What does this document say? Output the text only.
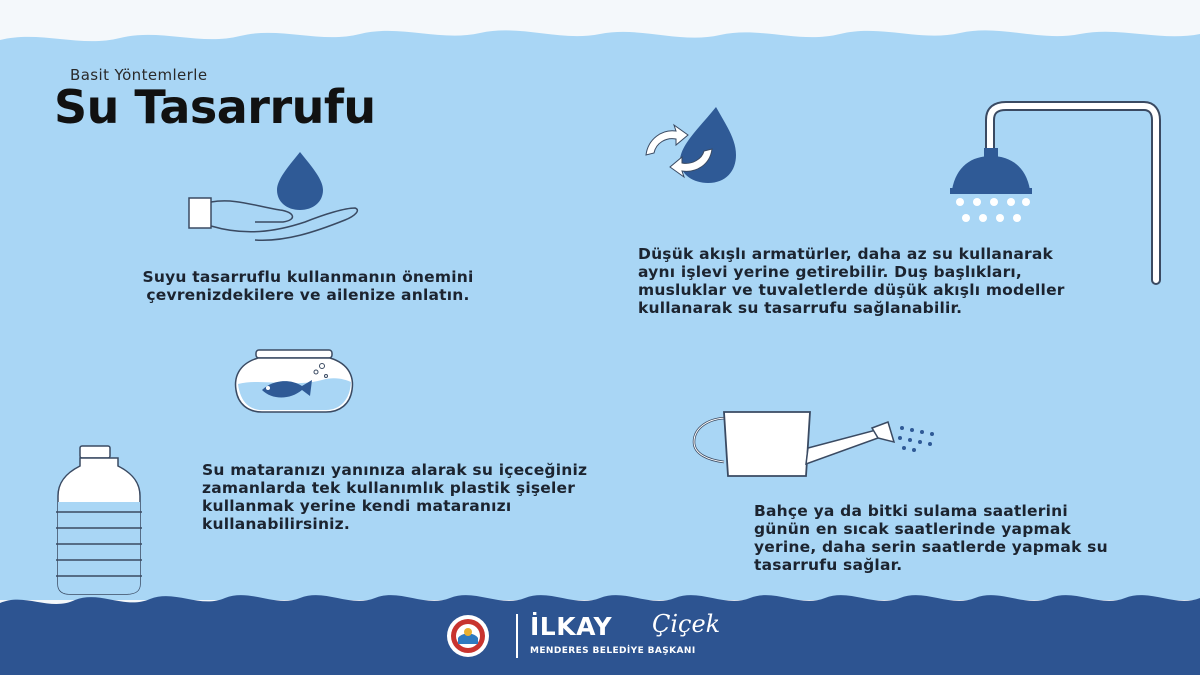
Basit Yöntemlerle
Su Tasarrufu
Suyu tasarruflu kullanmanın önemini çevrenizdekilere ve ailenize anlatın.
Düşük akışlı armatürler, daha az su kullanarak aynı işlevi yerine getirebilir. Duş başlıkları, musluklar ve tuvaletlerde düşük akışlı modeller kullanarak su tasarrufu sağlanabilir.
Su mataranızı yanınıza alarak su içeceğiniz zamanlarda tek kullanımlık plastik şişeler kullanmak yerine kendi mataranızı kullanabilirsiniz.
Bahçe ya da bitki sulama saatlerini günün en sıcak saatlerinde yapmak yerine, daha serin saatlerde yapmak su tasarrufu sağlar.
İLKAY Çiçek
MENDERES BELEDİYE BAŞKANI
